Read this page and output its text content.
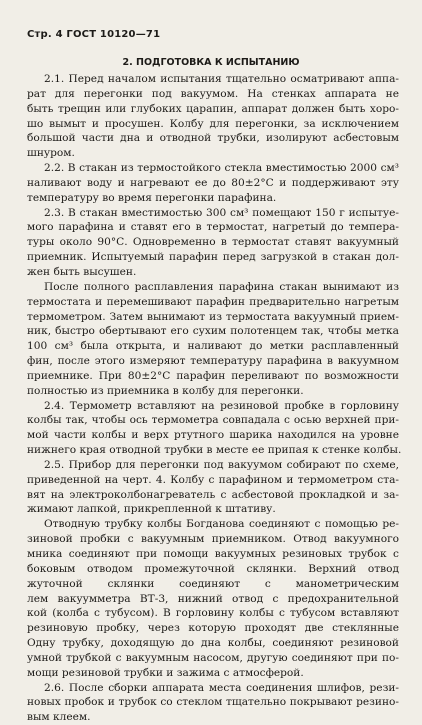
Стр. 4 ГОСТ 10120—71
2. ПОДГОТОВКА К ИСПЫТАНИЮ
2.1. Перед началом испытания тщательно осматривают аппа-
рат для перегонки под вакуумом. На стенках аппарата не
быть трещин или глубоких царапин, аппарат должен быть хоро-
шо вымыт и просушен. Колбу для перегонки, за исключением
большой части дна и отводной трубки, изолируют асбестовым
шнуром.
2.2. В стакан из термостойкого стекла вместимостью 2000 см³
наливают воду и нагревают ее до 80±2°С и поддерживают эту
температуру во время перегонки парафина.
2.3. В стакан вместимостью 300 см³ помещают 150 г испытуе-
мого парафина и ставят его в термостат, нагретый до темпера-
туры около 90°С. Одновременно в термостат ставят вакуумный
приемник. Испытуемый парафин перед загрузкой в стакан дол-
жен быть высушен.
После полного расплавления парафина стакан вынимают из
термостата и перемешивают парафин предварительно нагретым
термометром. Затем вынимают из термостата вакуумный прием-
ник, быстро обертывают его сухим полотенцем так, чтобы метка
100 см³ была открыта, и наливают до метки расплавленный
фин, после этого измеряют температуру парафина в вакуумном
приемнике. При 80±2°С парафин переливают по возможности
полностью из приемника в колбу для перегонки.
2.4. Термометр вставляют на резиновой пробке в горловину
колбы так, чтобы ось термометра совпадала с осью верхней при-
мой части колбы и верх ртутного шарика находился на уровне
нижнего края отводной трубки в месте ее припая к стенке колбы.
2.5. Прибор для перегонки под вакуумом собирают по схеме,
приведенной на черт. 4. Колбу с парафином и термометром ста-
вят на электроколбонагреватель с асбестовой прокладкой и за-
жимают лапкой, прикрепленной к штативу.
Отводную трубку колбы Богданова соединяют с помощью ре-
зиновой пробки с вакуумным приемником. Отвод вакуумного
мника соединяют при помощи вакуумных резиновых трубок с
боковым отводом промежуточной склянки. Верхний отвод
жуточной склянки соединяют с манометрическим
лем вакуумметра ВТ-3, нижний отвод с предохранительной
кой (колба с тубусом). В горловину колбы с тубусом вставляют
резиновую пробку, через которую проходят две стеклянные
Одну трубку, доходящую до дна колбы, соединяют резиновой
умной трубкой с вакуумным насосом, другую соединяют при по-
мощи резиновой трубки и зажима с атмосферой.
2.6. После сборки аппарата места соединения шлифов, рези-
новых пробок и трубок со стеклом тщательно покрывают резино-
вым клеем.
